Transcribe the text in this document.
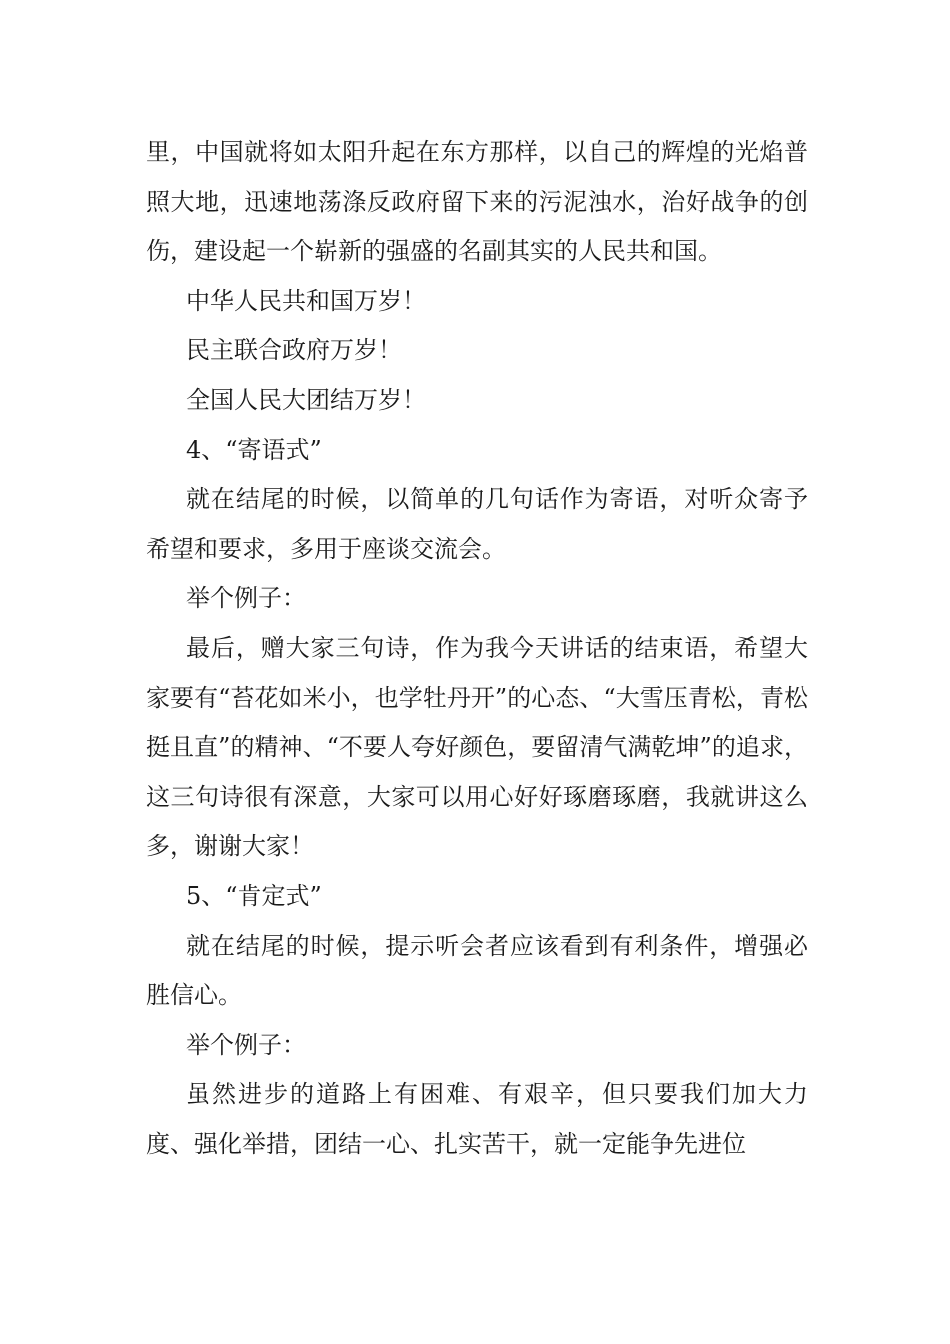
里，中国就将如太阳升起在东方那样，以自己的辉煌的光焰普照大地，迅速地荡涤反政府留下来的污泥浊水，治好战争的创伤，建设起一个崭新的强盛的名副其实的人民共和国。

中华人民共和国万岁！

民主联合政府万岁！

全国人民大团结万岁！

4、“寄语式”

就在结尾的时候，以简单的几句话作为寄语，对听众寄予希望和要求，多用于座谈交流会。

举个例子：

最后，赠大家三句诗，作为我今天讲话的结束语，希望大家要有“苔花如米小，也学牡丹开”的心态、“大雪压青松，青松挺且直”的精神、“不要人夸好颜色，要留清气满乾坤”的追求，这三句诗很有深意，大家可以用心好好琢磨琢磨，我就讲这么多，谢谢大家！

5、“肯定式”

就在结尾的时候，提示听会者应该看到有利条件，增强必胜信心。

举个例子：

虽然进步的道路上有困难、有艰辛，但只要我们加大力度、强化举措，团结一心、扎实苦干，就一定能争先进位
